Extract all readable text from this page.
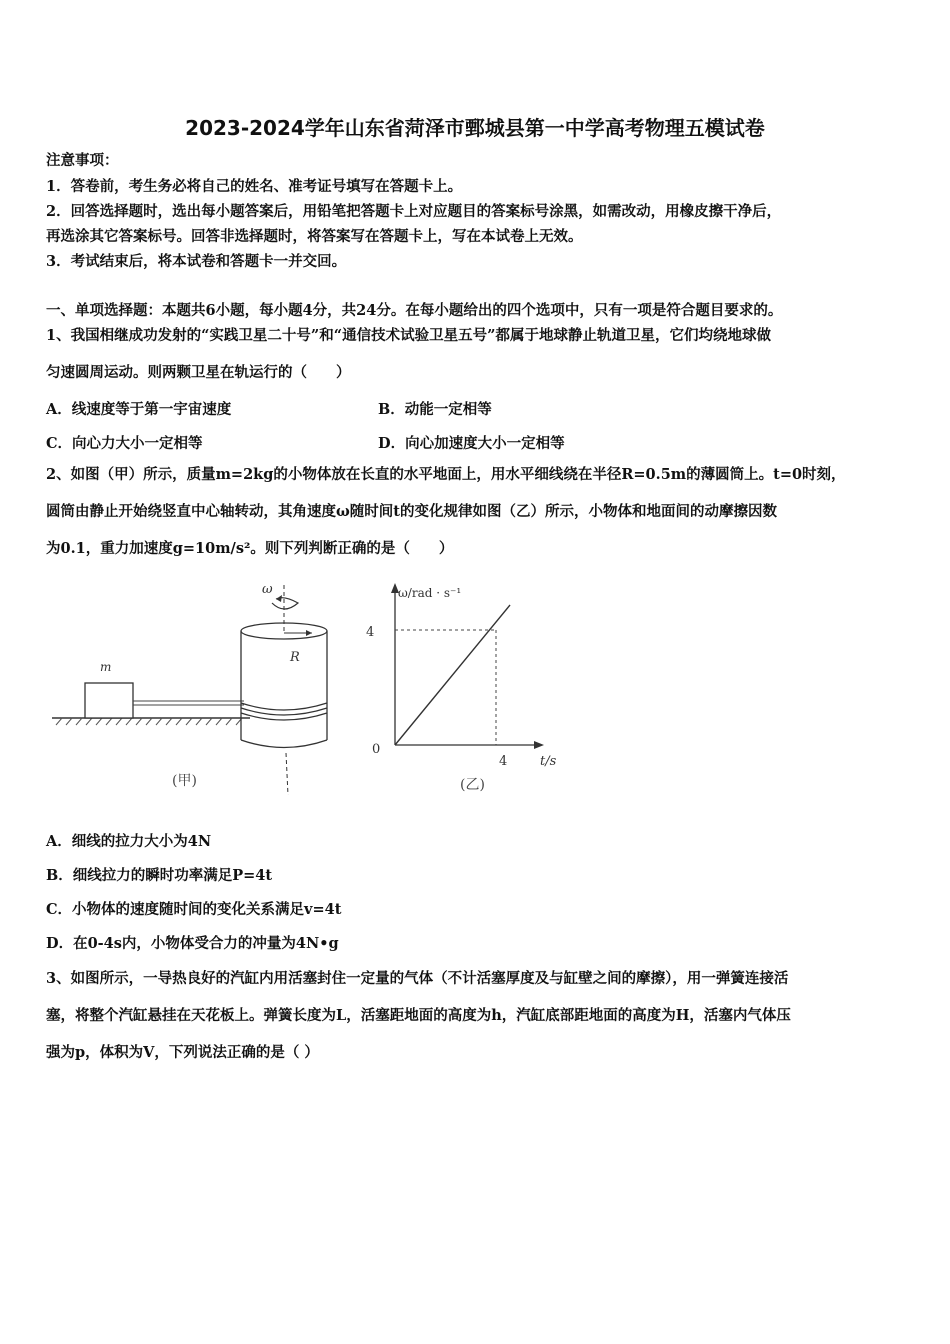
2023-2024学年山东省菏泽市鄄城县第一中学高考物理五模试卷
注意事项：
1．答卷前，考生务必将自己的姓名、准考证号填写在答题卡上。
2．回答选择题时，选出每小题答案后，用铅笔把答题卡上对应题目的答案标号涂黑，如需改动，用橡皮擦干净后，
再选涂其它答案标号。回答非选择题时，将答案写在答题卡上，写在本试卷上无效。
3．考试结束后，将本试卷和答题卡一并交回。
一、单项选择题：本题共6小题，每小题4分，共24分。在每小题给出的四个选项中，只有一项是符合题目要求的。
1、我国相继成功发射的“实践卫星二十号”和“通信技术试验卫星五号”都属于地球静止轨道卫星，它们均绕地球做
匀速圆周运动。则两颗卫星在轨运行的（　　）
A．线速度等于第一宇宙速度	B．动能一定相等
C．向心力大小一定相等	D．向心加速度大小一定相等
2、如图（甲）所示，质量m=2kg的小物体放在长直的水平地面上，用水平细线绕在半径R=0.5m的薄圆筒上。t=0时刻，
圆筒由静止开始绕竖直中心轴转动，其角速度ω随时间t的变化规律如图（乙）所示，小物体和地面间的动摩擦因数
为0.1，重力加速度g=10m/s²。则下列判断正确的是（　　）
m
ω
R
(甲)
ω/rad · s⁻¹
t/s
0
4
4
(乙)
A．细线的拉力大小为4N
B．细线拉力的瞬时功率满足P=4t
C．小物体的速度随时间的变化关系满足v=4t
D．在0-4s内，小物体受合力的冲量为4N•g
3、如图所示，一导热良好的汽缸内用活塞封住一定量的气体（不计活塞厚度及与缸壁之间的摩擦），用一弹簧连接活
塞，将整个汽缸悬挂在天花板上。弹簧长度为L，活塞距地面的高度为h，汽缸底部距地面的高度为H，活塞内气体压
强为p，体积为V，下列说法正确的是（ ）
